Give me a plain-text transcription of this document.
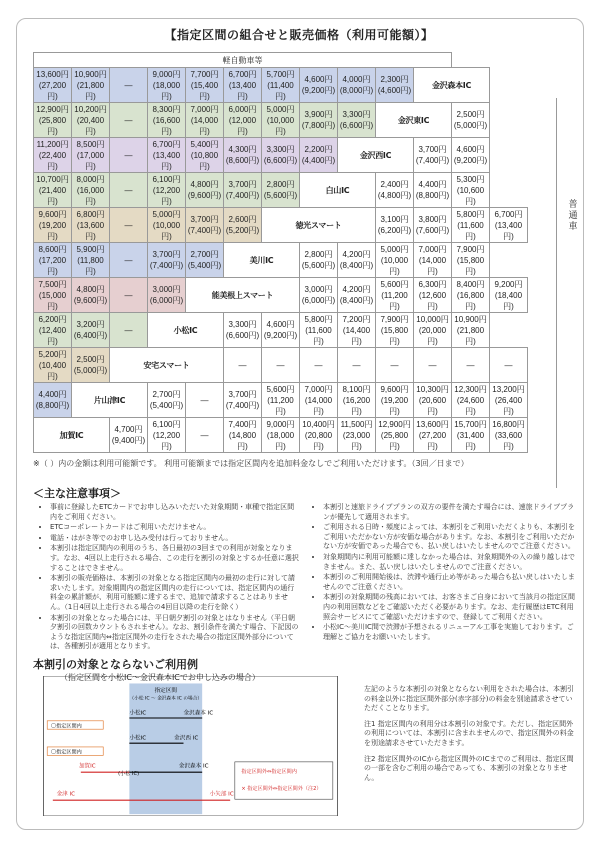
【指定区間の組合せと販売価格（利用可能額）】
軽自動車等												

13,600円
(27,200円)	10,900円
(21,800円)	—	9,000円
(18,000円)	7,700円
(15,400円)	6,700円
(13,400円)	5,700円
(11,400円)	4,600円
(9,200円)	4,000円
(8,000円)	2,300円
(4,600円)	金沢森本IC		

12,900円
(25,800円)	10,200円
(20,400円)	—	8,300円
(16,600円)	7,000円
(14,000円)	6,000円
(12,000円)	5,000円
(10,000円)	3,900円
(7,800円)	3,300円
(6,600円)	金沢東IC		2,500円
(5,000円)	

11,200円
(22,400円)	8,500円
(17,000円)	—	6,700円
(13,400円)	5,400円
(10,800円)	4,300円
(8,600円)	3,300円
(6,600円)	2,200円
(4,400円)	金沢西IC		3,700円
(7,400円)	4,600円
(9,200円)	

10,700円
(21,400円)	8,000円
(16,000円)	—	6,100円
(12,200円)	4,800円
(9,600円)	3,700円
(7,400円)	2,800円
(5,600円)	白山IC		2,400円
(4,800円)	4,400円
(8,800円)	5,300円
(10,600円)	

9,600円
(19,200円)	6,800円
(13,600円)	—	5,000円
(10,000円)	3,700円
(7,400円)	2,600円
(5,200円)	徳光スマート			3,100円
(6,200円)	3,800円
(7,600円)	5,800円
(11,600円)	6,700円
(13,400円)

8,600円
(17,200円)	5,900円
(11,800円)	—	3,700円
(7,400円)	2,700円
(5,400円)	美川IC		2,800円
(5,600円)	4,200円
(8,400円)	5,000円
(10,000円)	7,000円
(14,000円)	7,900円
(15,800円)	

7,500円
(15,000円)	4,800円
(9,600円)	—	3,000円
(6,000円)	能美根上スマート			3,000円
(6,000円)	4,200円
(8,400円)	5,600円
(11,200円)	6,300円
(12,600円)	8,400円
(16,800円)	9,200円
(18,400円)

6,200円
(12,400円)	3,200円
(6,400円)	—	小松IC		3,300円
(6,600円)	4,600円
(9,200円)	5,800円
(11,600円)	7,200円
(14,400円)	7,900円
(15,800円)	10,000円
(20,000円)	10,900円
(21,800円)	

5,200円
(10,400円)	2,500円
(5,000円)	安宅スマート			—	—	—	—	—	—	—	—

4,400円
(8,800円)	片山津IC		2,700円
(5,400円)	—	3,700円
(7,400円)	5,600円
(11,200円)	7,000円
(14,000円)	8,100円
(16,200円)	9,600円
(19,200円)	10,300円
(20,600円)	12,300円
(24,600円)	13,200円
(26,400円)

加賀IC		4,700円
(9,400円)	6,100円
(12,200円)	—	7,400円
(14,800円)	9,000円
(18,000円)	10,400円
(20,800円)	11,500円
(23,000円)	12,900円
(25,800円)	13,600円
(27,200円)	15,700円
(31,400円)	16,800円
(33,600円)
普通車
※（ ）内の金額は利用可能額です。 利用可能額までは指定区間内を追加料金なしでご利用いただけます。（3回／日まで）
＜主な注意事項＞
• 事前に登録したETCカードでお申し込みいただいた対象期間・車種で指定区間内をご利用ください。
• ETCコーポレートカードはご利用いただけません。
• 電話・はがき等でのお申し込み受付は行っておりません。
• 本割引は指定区間内の利用のうち、各日最初の3回までの利用が対象となります。なお、4回以上走行される場合、この走行を割引の対象とするか任意に選択することはできません。
• 本割引の販売価格は、本割引の対象となる指定区間内の最初の走行に対して請求いたします。対象期間内の指定区間内の走行については、指定区間内の通行料金の累計額が、利用可能額に達するまで、追加で請求することはありません。（1日4回以上走行される場合の4回目以降の走行を除く）
• 本割引の対象となった場合には、平日朝夕割引の対象とはなりません（平日朝夕割引の回数カウントもされません）。なお、割引条件を満たす場合、下記図のような指定区間内⇔指定区間外の走行をされた場合の指定区間外部分については、各種割引が適用となります。
• 本割引と速旅ドライブプランの双方の要件を満たす場合には、速旅ドライブプランが優先して適用されます。
• ご利用される日時・頻度によっては、本割引をご利用いただくよりも、本割引をご利用いただかない方が安価な場合があります。なお、本割引をご利用いただかない方が安価であった場合でも、払い戻しはいたしませんのでご注意ください。
• 対象期間内に利用可能額に達しなかった場合は、対象期間外の入の繰り越しはできません。また、払い戻しはいたしませんのでご注意ください。
• 本割引のご利用開始後は、渋滞や通行止め等があった場合も払い戻しはいたしませんのでご注意ください。
• 本割引の対象期間の残高においては、お客さまご自身において当該月の指定区間内の利用回数などをご確認いただく必要があります。なお、走行履歴はETC利用照会サービスにてご確認いただけますので、登録してご利用ください。
• 小松IC〜美川IC間で渋滞が予想されるリニューアル工事を実施しております。ご理解とご協力をお願いいたします。
本割引の対象とならないご利用例
（指定区間を小松IC〜金沢森本ICでお申し込みの場合）
指定区間
（小松 IC 〜 金沢森本 IC の場合）
小松IC	金沢森本 IC
〇指定区間内
小松IC	金沢西 IC
〇指定区間内
加賀IC
(小松 IC)
金沢森本 IC
金津 IC	小矢部 IC
指定区間外⇔指定区間内
× 指定区間外⇔指定区間外（注2）

左記のような本割引の対象とならない利用をされた場合は、本割引の料金以外に指定区間外部分(赤字部分)の料金を別途請求させていただくことなります。

注1 指定区間内の利用分は本割引の対象です。ただし、指定区間外の利用については、本割引に含まれませんので、指定区間外の料金を別途請求させていただきます。

注2 指定区間外のICから指定区間外のICまでのご利用は、指定区間の一部を含むご利用の場合であっても、本割引の対象となりません。
